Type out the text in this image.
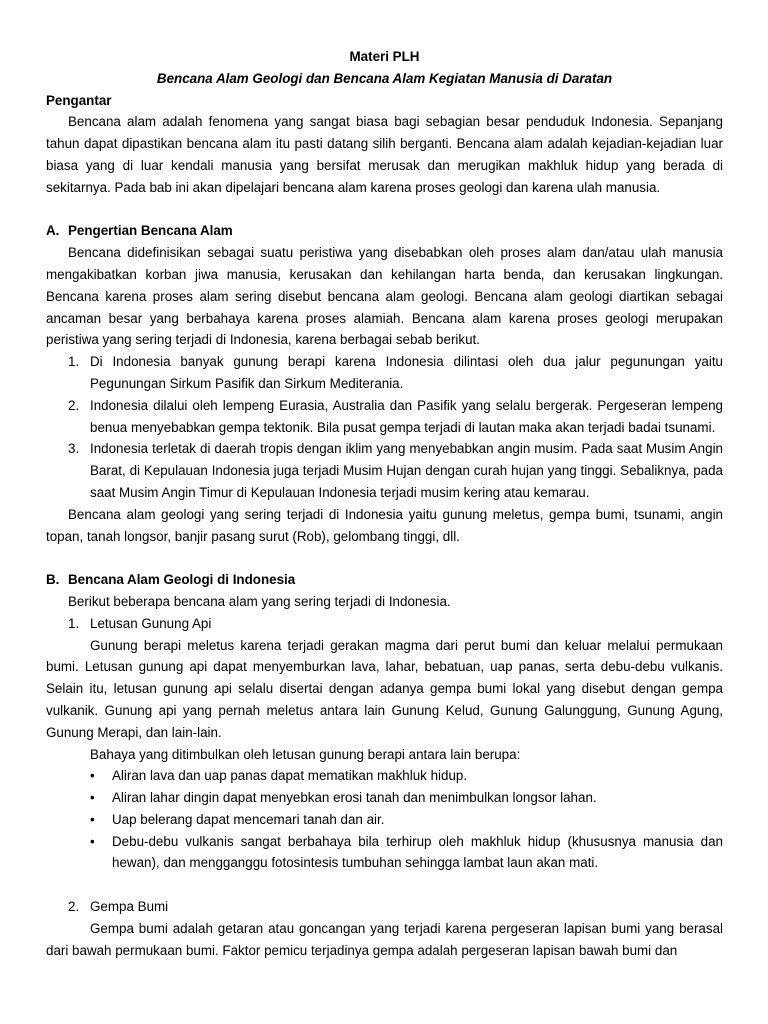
Materi PLH

Bencana Alam Geologi dan Bencana Alam Kegiatan Manusia di Daratan

Pengantar

Bencana alam adalah fenomena yang sangat biasa bagi sebagian besar penduduk Indonesia. Sepanjang tahun dapat dipastikan bencana alam itu pasti datang silih berganti. Bencana alam adalah kejadian-kejadian luar biasa yang di luar kendali manusia yang bersifat merusak dan merugikan makhluk hidup yang berada di sekitarnya. Pada bab ini akan dipelajari bencana alam karena proses geologi dan karena ulah manusia.

A. Pengertian Bencana Alam

Bencana didefinisikan sebagai suatu peristiwa yang disebabkan oleh proses alam dan/atau ulah manusia mengakibatkan korban jiwa manusia, kerusakan dan kehilangan harta benda, dan kerusakan lingkungan. Bencana karena proses alam sering disebut bencana alam geologi. Bencana alam geologi diartikan sebagai ancaman besar yang berbahaya karena proses alamiah. Bencana alam karena proses geologi merupakan peristiwa yang sering terjadi di Indonesia, karena berbagai sebab berikut.

1. Di Indonesia banyak gunung berapi karena Indonesia dilintasi oleh dua jalur pegunungan yaitu Pegunungan Sirkum Pasifik dan Sirkum Mediterania.
2. Indonesia dilalui oleh lempeng Eurasia, Australia dan Pasifik yang selalu bergerak. Pergeseran lempeng benua menyebabkan gempa tektonik. Bila pusat gempa terjadi di lautan maka akan terjadi badai tsunami.
3. Indonesia terletak di daerah tropis dengan iklim yang menyebabkan angin musim. Pada saat Musim Angin Barat, di Kepulauan Indonesia juga terjadi Musim Hujan dengan curah hujan yang tinggi. Sebaliknya, pada saat Musim Angin Timur di Kepulauan Indonesia terjadi musim kering atau kemarau.

Bencana alam geologi yang sering terjadi di Indonesia yaitu gunung meletus, gempa bumi, tsunami, angin topan, tanah longsor, banjir pasang surut (Rob), gelombang tinggi, dll.

B. Bencana Alam Geologi di Indonesia

Berikut beberapa bencana alam yang sering terjadi di Indonesia.

1. Letusan Gunung Api

Gunung berapi meletus karena terjadi gerakan magma dari perut bumi dan keluar melalui permukaan bumi. Letusan gunung api dapat menyemburkan lava, lahar, bebatuan, uap panas, serta debu-debu vulkanis. Selain itu, letusan gunung api selalu disertai dengan adanya gempa bumi lokal yang disebut dengan gempa vulkanik. Gunung api yang pernah meletus antara lain Gunung Kelud, Gunung Galunggung, Gunung Agung, Gunung Merapi, dan lain-lain.

Bahaya yang ditimbulkan oleh letusan gunung berapi antara lain berupa:

•	Aliran lava dan uap panas dapat mematikan makhluk hidup.
•	Aliran lahar dingin dapat menyebkan erosi tanah dan menimbulkan longsor lahan.
•	Uap belerang dapat mencemari tanah dan air.
•	Debu-debu vulkanis sangat berbahaya bila terhirup oleh makhluk hidup (khususnya manusia dan hewan), dan mengganggu fotosintesis tumbuhan sehingga lambat laun akan mati.
2. Gempa Bumi

Gempa bumi adalah getaran atau goncangan yang terjadi karena pergeseran lapisan bumi yang berasal dari bawah permukaan bumi. Faktor pemicu terjadinya gempa adalah pergeseran lapisan bawah bumi dan
